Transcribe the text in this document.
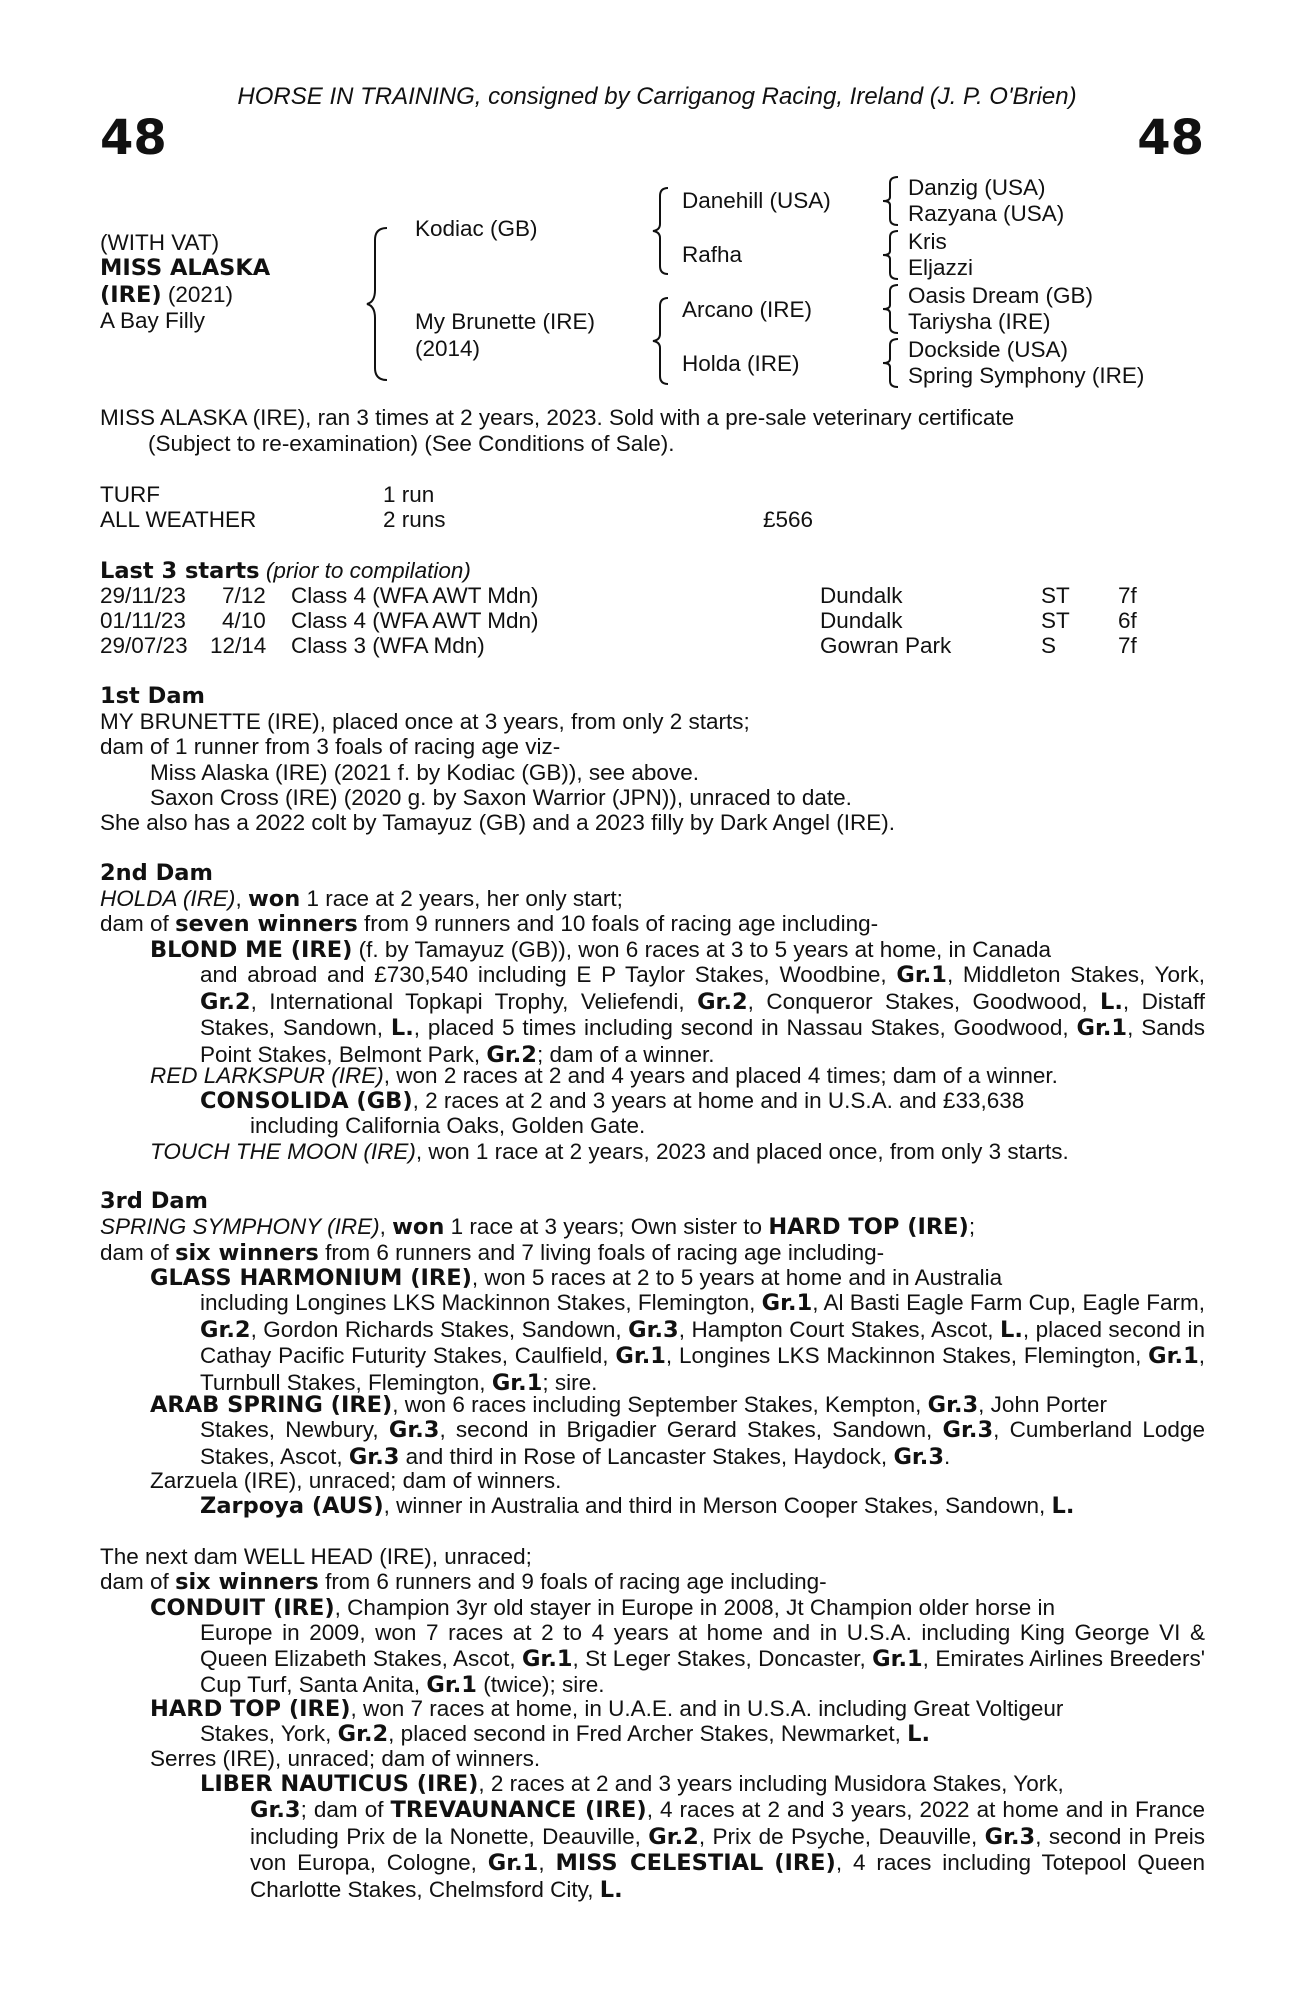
HORSE IN TRAINING, consigned by Carriganog Racing, Ireland (J. P. O'Brien)
48	48
(WITH VAT)
MISS ALASKA
(IRE) (2021)
A Bay Filly
Kodiac (GB)
My Brunette (IRE)
(2014)
Danehill (USA)
Rafha
Arcano (IRE)
Holda (IRE)
Danzig (USA)
Razyana (USA)
Kris
Eljazzi
Oasis Dream (GB)
Tariysha (IRE)
Dockside (USA)
Spring Symphony (IRE)
MISS ALASKA (IRE), ran 3 times at 2 years, 2023. Sold with a pre-sale veterinary certificate
(Subject to re-examination) (See Conditions of Sale).
TURF	1 run
ALL WEATHER	2 runs	£566
Last 3 starts (prior to compilation)
29/11/23 7/12 Class 4 (WFA AWT Mdn)	Dundalk	ST 7f
01/11/23 4/10 Class 4 (WFA AWT Mdn)	Dundalk	ST 6f
29/07/23 12/14 Class 3 (WFA Mdn)	Gowran Park	S	7f
1st Dam
MY BRUNETTE (IRE), placed once at 3 years, from only 2 starts;
dam of 1 runner from 3 foals of racing age viz-
Miss Alaska (IRE) (2021 f. by Kodiac (GB)), see above.
Saxon Cross (IRE) (2020 g. by Saxon Warrior (JPN)), unraced to date.
She also has a 2022 colt by Tamayuz (GB) and a 2023 filly by Dark Angel (IRE).
2nd Dam
HOLDA (IRE), won 1 race at 2 years, her only start;
dam of seven winners from 9 runners and 10 foals of racing age including-
BLOND ME (IRE) (f. by Tamayuz (GB)), won 6 races at 3 to 5 years at home, in Canada
and abroad and £730,540 including E P Taylor Stakes, Woodbine, Gr.1, Middleton Stakes, York, Gr.2, International Topkapi Trophy, Veliefendi, Gr.2, Conqueror Stakes, Goodwood, L., Distaff Stakes, Sandown, L., placed 5 times including second in Nassau Stakes, Goodwood, Gr.1, Sands Point Stakes, Belmont Park, Gr.2; dam of a winner.
RED LARKSPUR (IRE), won 2 races at 2 and 4 years and placed 4 times; dam of a winner.
CONSOLIDA (GB), 2 races at 2 and 3 years at home and in U.S.A. and £33,638
including California Oaks, Golden Gate.
TOUCH THE MOON (IRE), won 1 race at 2 years, 2023 and placed once, from only 3 starts.
3rd Dam
SPRING SYMPHONY (IRE), won 1 race at 3 years; Own sister to HARD TOP (IRE);
dam of six winners from 6 runners and 7 living foals of racing age including-
GLASS HARMONIUM (IRE), won 5 races at 2 to 5 years at home and in Australia
including Longines LKS Mackinnon Stakes, Flemington, Gr.1, Al Basti Eagle Farm Cup, Eagle Farm, Gr.2, Gordon Richards Stakes, Sandown, Gr.3, Hampton Court Stakes, Ascot, L., placed second in Cathay Pacific Futurity Stakes, Caulfield, Gr.1, Longines LKS Mackinnon Stakes, Flemington, Gr.1, Turnbull Stakes, Flemington, Gr.1; sire.
ARAB SPRING (IRE), won 6 races including September Stakes, Kempton, Gr.3, John Porter
Stakes, Newbury, Gr.3, second in Brigadier Gerard Stakes, Sandown, Gr.3, Cumberland Lodge Stakes, Ascot, Gr.3 and third in Rose of Lancaster Stakes, Haydock, Gr.3.
Zarzuela (IRE), unraced; dam of winners.
Zarpoya (AUS), winner in Australia and third in Merson Cooper Stakes, Sandown, L.
The next dam WELL HEAD (IRE), unraced;
dam of six winners from 6 runners and 9 foals of racing age including-
CONDUIT (IRE), Champion 3yr old stayer in Europe in 2008, Jt Champion older horse in
Europe in 2009, won 7 races at 2 to 4 years at home and in U.S.A. including King George VI & Queen Elizabeth Stakes, Ascot, Gr.1, St Leger Stakes, Doncaster, Gr.1, Emirates Airlines Breeders' Cup Turf, Santa Anita, Gr.1 (twice); sire.
HARD TOP (IRE), won 7 races at home, in U.A.E. and in U.S.A. including Great Voltigeur
Stakes, York, Gr.2, placed second in Fred Archer Stakes, Newmarket, L.
Serres (IRE), unraced; dam of winners.
LIBER NAUTICUS (IRE), 2 races at 2 and 3 years including Musidora Stakes, York,
Gr.3; dam of TREVAUNANCE (IRE), 4 races at 2 and 3 years, 2022 at home and in France including Prix de la Nonette, Deauville, Gr.2, Prix de Psyche, Deauville, Gr.3, second in Preis von Europa, Cologne, Gr.1, MISS CELESTIAL (IRE), 4 races including Totepool Queen Charlotte Stakes, Chelmsford City, L.
